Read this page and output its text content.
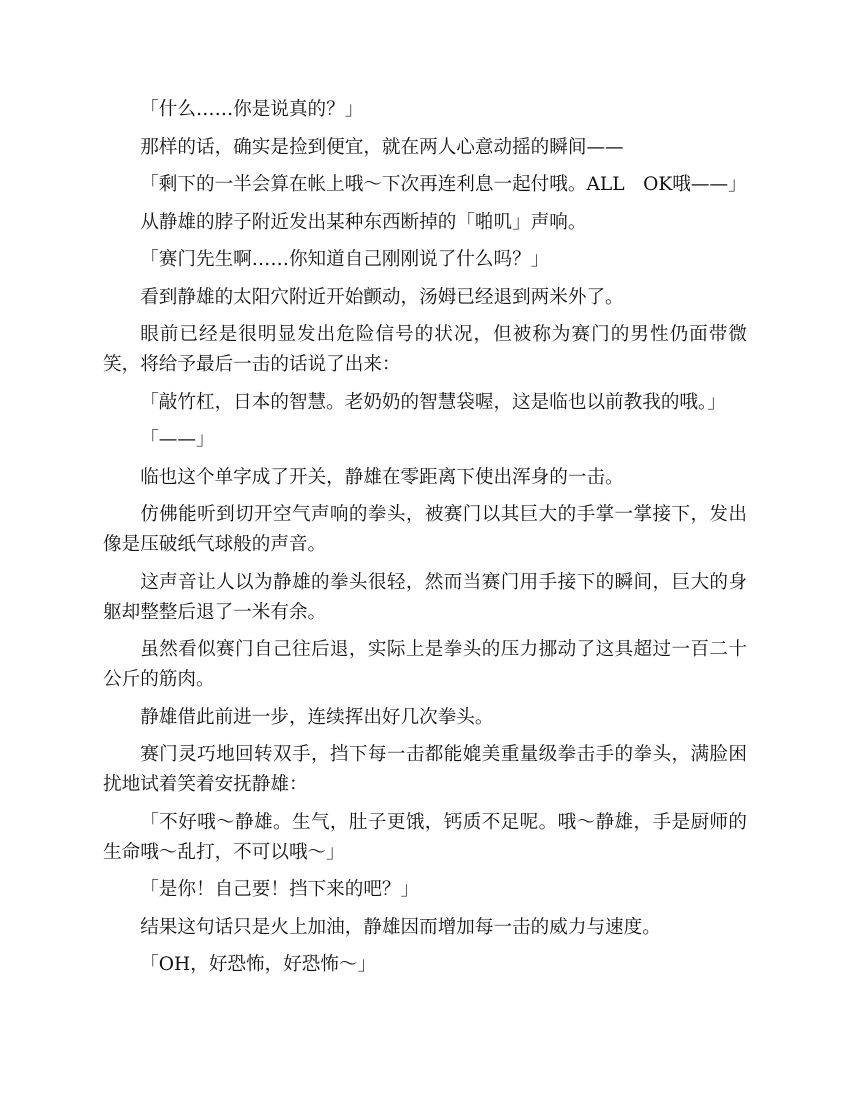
「什么……你是说真的？」

那样的话，确实是捡到便宜，就在两人心意动摇的瞬间——

「剩下的一半会算在帐上哦～下次再连利息一起付哦。ALL　OK哦——」

从静雄的脖子附近发出某种东西断掉的「啪叽」声响。

「赛门先生啊……你知道自己刚刚说了什么吗？」

看到静雄的太阳穴附近开始颤动，汤姆已经退到两米外了。

眼前已经是很明显发出危险信号的状况，但被称为赛门的男性仍面带微笑，将给予最后一击的话说了出来：

「敲竹杠，日本的智慧。老奶奶的智慧袋喔，这是临也以前教我的哦。」

「——」

临也这个单字成了开关，静雄在零距离下使出浑身的一击。

仿佛能听到切开空气声响的拳头，被赛门以其巨大的手掌一掌接下，发出像是压破纸气球般的声音。

这声音让人以为静雄的拳头很轻，然而当赛门用手接下的瞬间，巨大的身躯却整整后退了一米有余。

虽然看似赛门自己往后退，实际上是拳头的压力挪动了这具超过一百二十公斤的筋肉。

静雄借此前进一步，连续挥出好几次拳头。

赛门灵巧地回转双手，挡下每一击都能媲美重量级拳击手的拳头，满脸困扰地试着笑着安抚静雄：

「不好哦～静雄。生气，肚子更饿，钙质不足呢。哦～静雄，手是厨师的生命哦～乱打，不可以哦～」

「是你！自己要！挡下来的吧？」

结果这句话只是火上加油，静雄因而增加每一击的威力与速度。

「OH，好恐怖，好恐怖～」
